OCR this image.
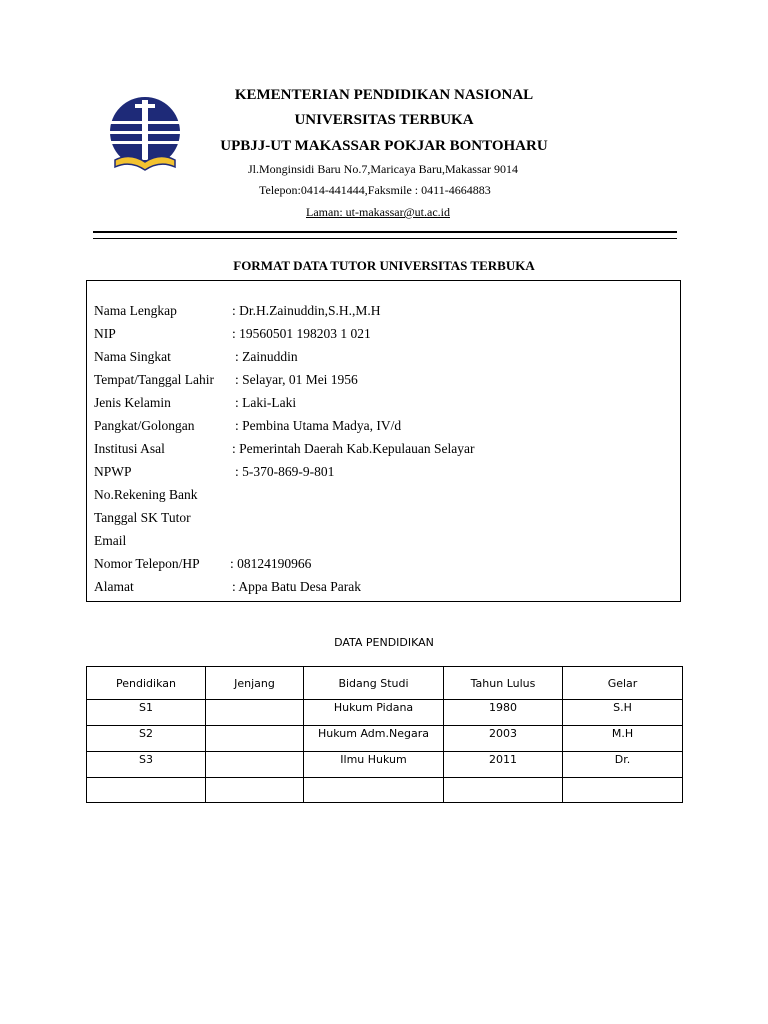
KEMENTERIAN PENDIDIKAN NASIONAL
UNIVERSITAS TERBUKA
UPBJJ-UT MAKASSAR POKJAR BONTOHARU
Jl.Monginsidi Baru No.7,Maricaya Baru,Makassar 9014
Telepon:0414-441444,Faksmile : 0411-4664883
Laman: ut-makassar@ut.ac.id
FORMAT DATA TUTOR UNIVERSITAS TERBUKA
Nama Lengkap	: Dr.H.Zainuddin,S.H.,M.H
NIP	: 19560501 198203 1 021
Nama Singkat	: Zainuddin
Tempat/Tanggal Lahir : Selayar, 01 Mei 1956
Jenis Kelamin	: Laki-Laki
Pangkat/Golongan	: Pembina Utama Madya, IV/d
Institusi Asal	: Pemerintah Daerah Kab.Kepulauan Selayar
NPWP	: 5-370-869-9-801
No.Rekening Bank
Tanggal SK Tutor
Email
Nomor Telepon/HP : 08124190966
Alamat	: Appa Batu Desa Parak
DATA PENDIDIKAN
Pendidikan	Jenjang	Bidang Studi	Tahun Lulus	Gelar
S1		Hukum Pidana	1980	S.H
S2		Hukum Adm.Negara	2003	M.H
S3		Ilmu Hukum	2011	Dr.
